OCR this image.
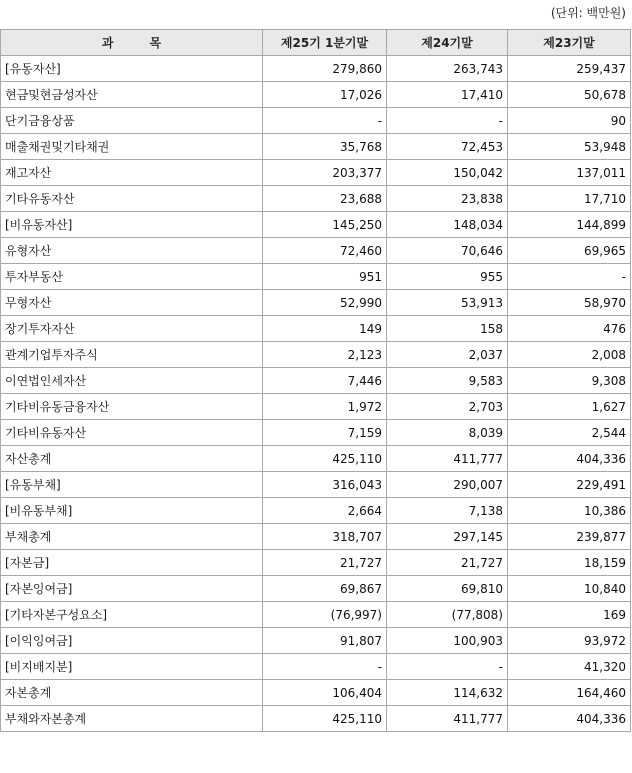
(단위: 백만원)
과　　　목	제25기 1분기말	제24기말	제23기말
[유동자산]	279,860	263,743	259,437
현금및현금성자산	17,026	17,410	50,678
단기금융상품	-	-	90
매출채권및기타채권	35,768	72,453	53,948
재고자산	203,377	150,042	137,011
기타유동자산	23,688	23,838	17,710
[비유동자산]	145,250	148,034	144,899
유형자산	72,460	70,646	69,965
투자부동산	951	955	-
무형자산	52,990	53,913	58,970
장기투자자산	149	158	476
관계기업투자주식	2,123	2,037	2,008
이연법인세자산	7,446	9,583	9,308
기타비유동금융자산	1,972	2,703	1,627
기타비유동자산	7,159	8,039	2,544
자산총계	425,110	411,777	404,336
[유동부채]	316,043	290,007	229,491
[비유동부채]	2,664	7,138	10,386
부채총계	318,707	297,145	239,877
[자본금]	21,727	21,727	18,159
[자본잉여금]	69,867	69,810	10,840
[기타자본구성요소]	(76,997)	(77,808)	169
[이익잉여금]	91,807	100,903	93,972
[비지배지분]	-	-	41,320
자본총계	106,404	114,632	164,460
부채와자본총계	425,110	411,777	404,336
